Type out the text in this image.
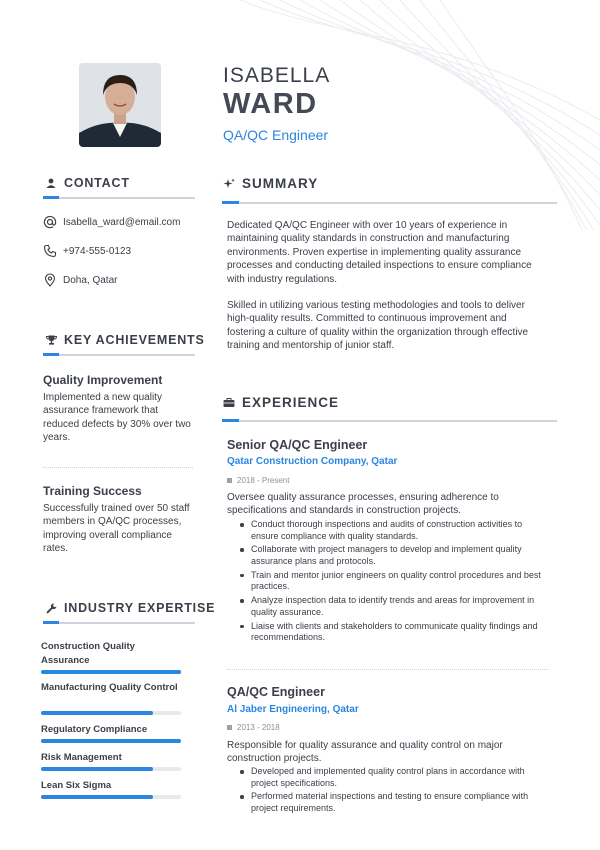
ISABELLA
WARD
QA/QC Engineer
CONTACT
Isabella_ward@email.com
+974-555-0123
Doha, Qatar
KEY ACHIEVEMENTS
Quality Improvement
Implemented a new quality assurance framework that reduced defects by 30% over two years.
Training Success
Successfully trained over 50 staff members in QA/QC processes, improving overall compliance rates.
INDUSTRY EXPERTISE
Construction Quality Assurance
Manufacturing Quality Control
Regulatory Compliance
Risk Management
Lean Six Sigma
SUMMARY
Dedicated QA/QC Engineer with over 10 years of experience in maintaining quality standards in construction and manufacturing environments. Proven expertise in implementing quality assurance processes and conducting detailed inspections to ensure compliance with industry regulations.
Skilled in utilizing various testing methodologies and tools to deliver high-quality results. Committed to continuous improvement and fostering a culture of quality within the organization through effective training and mentorship of junior staff.
EXPERIENCE
Senior QA/QC Engineer
Qatar Construction Company, Qatar
2018 - Present
Oversee quality assurance processes, ensuring adherence to specifications and standards in construction projects.
Conduct thorough inspections and audits of construction activities to ensure compliance with quality standards.
Collaborate with project managers to develop and implement quality assurance plans and protocols.
Train and mentor junior engineers on quality control procedures and best practices.
Analyze inspection data to identify trends and areas for improvement in quality assurance.
Liaise with clients and stakeholders to communicate quality findings and recommendations.
QA/QC Engineer
Al Jaber Engineering, Qatar
2013 - 2018
Responsible for quality assurance and quality control on major construction projects.
Developed and implemented quality control plans in accordance with project specifications.
Performed material inspections and testing to ensure compliance with project requirements.
